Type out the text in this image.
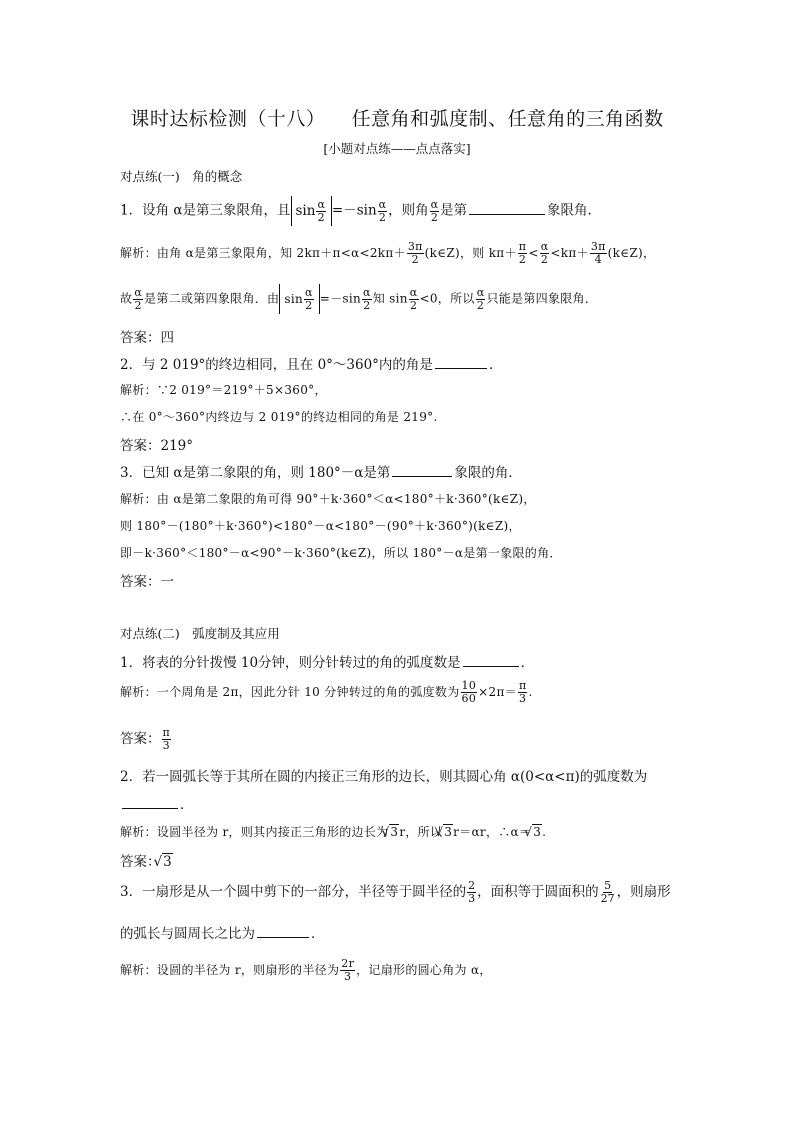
课时达标检测（十八）    任意角和弧度制、任意角的三角函数
[小题对点练——点点落实]
对点练(一)　角的概念
1．设角 α是第三象限角，且 $\sin \frac{\alpha}{2} =-\sin \frac{\alpha}{2}$ ，则角 $\frac{\alpha}{2}$ 是第	象限角．
解析：由角 α是第三象限角，知 $2k\pi+\pi<\alpha<2k\pi+ \frac{3\pi}{2}$ (k∈Z)，则 $k\pi+ \frac{\pi}{2} < \frac{\alpha}{2} <k\pi+ \frac{3\pi}{4}$ (k∈Z)，
故 $\frac{\alpha}{2}$ 是第二或第四象限角．由 $\sin \frac{\alpha}{2} =-\sin \frac{\alpha}{2}$ 知 $\sin \frac{\alpha}{2} <0$，所以 $\frac{\alpha}{2}$ 只能是第四象限角．
答案：四
2．与 2 019°的终边相同，且在 0°～360°内的角是	．
解析：∵2 019°＝219°＋5×360°，
∴在 0°～360°内终边与 2 019°的终边相同的角是 219°.
答案：219°
3．已知 α是第二象限的角，则 180°－α是第	象限的角．
解析：由 α是第二象限的角可得 90°＋k·360°＜α<180°＋k·360°(k∈Z)，
则 180°－(180°＋k·360°)<180°－α<180°－(90°＋k·360°)(k∈Z)，
即－k·360°＜180°－α<90°－k·360°(k∈Z)，所以 180°－α是第一象限的角．
答案：一
对点练(二)　弧度制及其应用
1．将表的分针拨慢 10分钟，则分针转过的角的弧度数是	．
解析：一个周角是 2π，因此分针 10 分钟转过的角的弧度数为 $\frac{10}{60} \times 2\pi= \frac{\pi}{3}$ .
答案： $\frac{\pi}{3}$
2．若一圆弧长等于其所在圆的内接正三角形的边长，则其圆心角 α(0<α<π)的弧度数为
．
解析：设圆半径为 r，则其内接正三角形的边长为 √ 3r，所以 √ 3r＝αr，∴α＝ √ 3.
答案： √ 3
3．一扇形是从一个圆中剪下的一部分，半径等于圆半径的 $\frac{2}{3}$ ，面积等于圆面积的 $\frac{5}{27}$ ，则扇形
的弧长与圆周长之比为	．
解析：设圆的半径为 r，则扇形的半径为 $\frac{2r}{3}$ ，记扇形的圆心角为 α，
